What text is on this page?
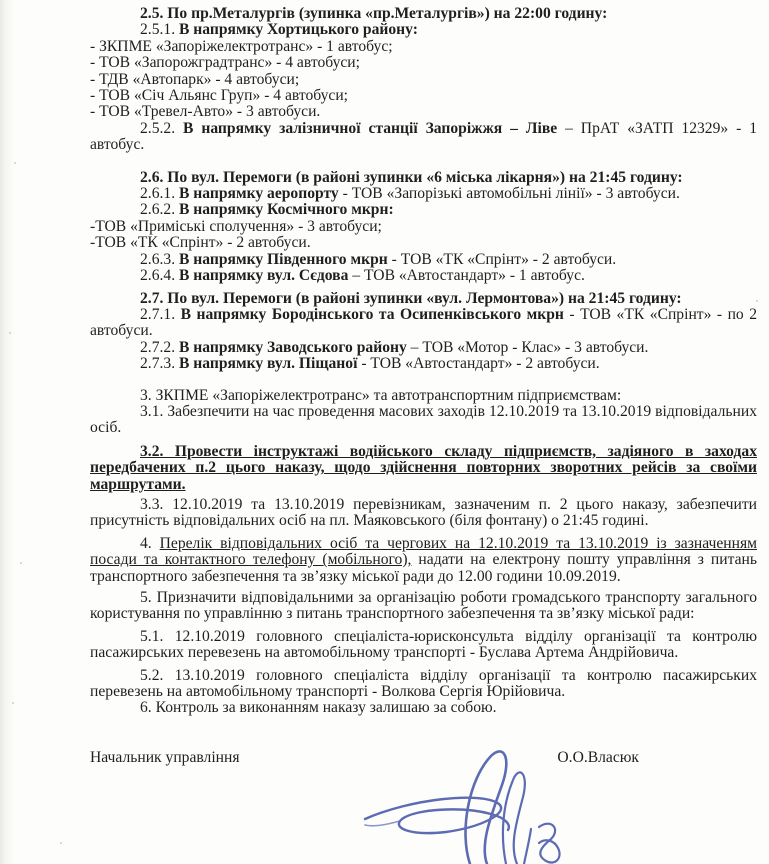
2.5. По пр.Металургів (зупинка «пр.Металургів») на 22:00 годину:

2.5.1. В напрямку Хортицького району:

- ЗКПМЕ «Запоріжелектротранс» - 1 автобус;

- ТОВ «Запорожградтранс» - 4 автобуси;

- ТДВ «Автопарк» - 4 автобуси;

- ТОВ «Січ Альянс Груп» - 4 автобуси;

- ТОВ «Тревел-Авто» - 3 автобуси.

2.5.2. В напрямку залізничної станції Запоріжжя – Ліве – ПрАТ «ЗАТП 12329» - 1 автобус.

2.6. По вул. Перемоги (в районі зупинки «6 міська лікарня») на 21:45 годину:

2.6.1. В напрямку аеропорту - ТОВ «Запорізькі автомобільні лінії» - 3 автобуси.

2.6.2. В напрямку Космічного мкрн:

-ТОВ «Приміські сполучення» - 3 автобуси;

-ТОВ «ТК «Спрінт» - 2 автобуси.

2.6.3. В напрямку Південного мкрн - ТОВ «ТК «Спрінт» - 2 автобуси.

2.6.4. В напрямку вул. Сєдова – ТОВ «Автостандарт» - 1 автобус.

2.7. По вул. Перемоги (в районі зупинки «вул. Лермонтова») на 21:45 годину:

2.7.1. В напрямку Бородінського та Осипенківського мкрн - ТОВ «ТК «Спрінт» - по 2 автобуси.

2.7.2. В напрямку Заводського району – ТОВ «Мотор - Клас» - 3 автобуси.

2.7.3. В напрямку вул. Піщаної - ТОВ «Автостандарт» - 2 автобуси.

3. ЗКПМЕ «Запоріжелектротранс» та автотранспортним підприємствам:

3.1. Забезпечити на час проведення масових заходів 12.10.2019 та 13.10.2019 відповідальних осіб.

3.2. Провести інструктажі водійського складу підприємств, задіяного в заходах передбачених п.2 цього наказу, щодо здійснення повторних зворотних рейсів за своїми маршрутами.

3.3. 12.10.2019 та 13.10.2019 перевізникам, зазначеним п. 2 цього наказу, забезпечити присутність відповідальних осіб на пл. Маяковського (біля фонтану) о 21:45 годині.

4. Перелік відповідальних осіб та чергових на 12.10.2019 та 13.10.2019 із зазначенням посади та контактного телефону (мобільного), надати на електрону пошту управління з питань транспортного забезпечення та зв’язку міської ради до 12.00 години 10.09.2019.

5. Призначити відповідальними за організацію роботи громадського транспорту загального користування по управлінню з питань транспортного забезпечення та зв’язку міської ради:

5.1. 12.10.2019 головного спеціаліста-юрисконсульта відділу організації та контролю пасажирських перевезень на автомобільному транспорті - Буслава Артема Андрійовича.

5.2. 13.10.2019 головного спеціаліста відділу організації та контролю пасажирських перевезень на автомобільному транспорті - Волкова Сергія Юрійовича.

6. Контроль за виконанням наказу залишаю за собою.

Начальник управління	О.О.Власюк
